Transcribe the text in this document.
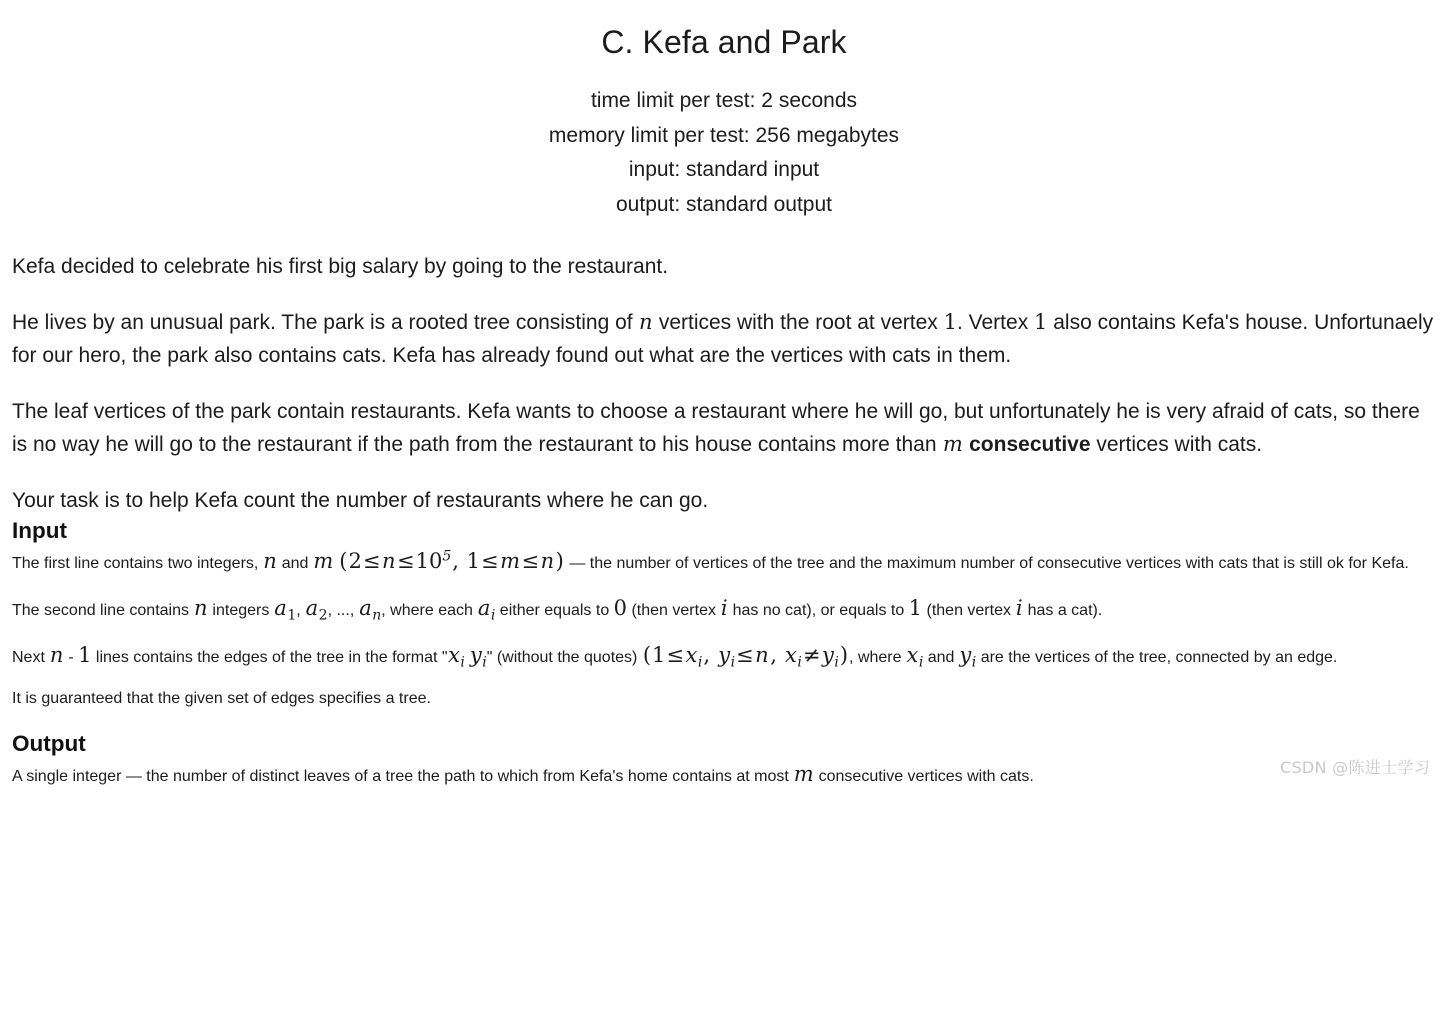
C. Kefa and Park
time limit per test: 2 seconds
memory limit per test: 256 megabytes
input: standard input
output: standard output

Kefa decided to celebrate his first big salary by going to the restaurant.

He lives by an unusual park. The park is a rooted tree consisting of n vertices with the root at vertex 1. Vertex 1 also contains Kefa's house. Unfortunaely for our hero, the park also contains cats. Kefa has already found out what are the vertices with cats in them.

The leaf vertices of the park contain restaurants. Kefa wants to choose a restaurant where he will go, but unfortunately he is very afraid of cats, so there is no way he will go to the restaurant if the path from the restaurant to his house contains more than m consecutive vertices with cats.

Your task is to help Kefa count the number of restaurants where he can go.

Input

The first line contains two integers, n and m ($2\le n\le 10^5$, 1≤m≤n) — the number of vertices of the tree and the maximum number of consecutive vertices with cats that is still ok for Kefa.

The second line contains n integers $a_1$, $a_2$, ..., $a_n$, where each $a_i$ either equals to 0 (then vertex i has no cat), or equals to 1 (then vertex i has a cat).

Next n - 1 lines contains the edges of the tree in the format "$x_i$ $y_i$" (without the quotes) ($1\le x_i$, $y_i\le n$, $x_i\ne y_i$), where $x_i$ and $y_i$ are the vertices of the tree, connected by an edge.

It is guaranteed that the given set of edges specifies a tree.

Output

A single integer — the number of distinct leaves of a tree the path to which from Kefa's home contains at most m consecutive vertices with cats.	CSDN @陈进士学习
